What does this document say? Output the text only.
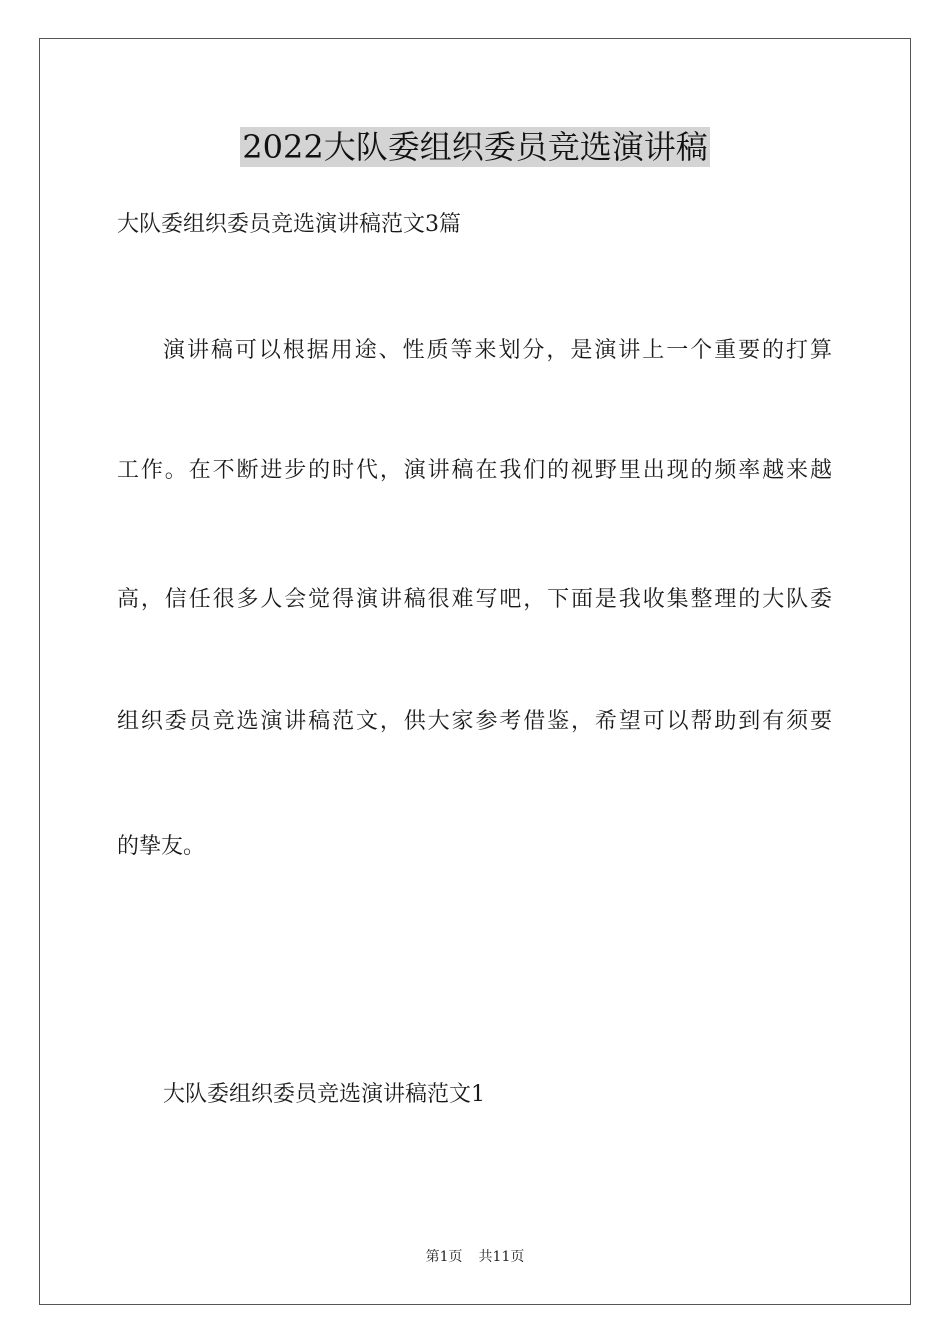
2022大队委组织委员竞选演讲稿
大队委组织委员竞选演讲稿范文3篇
演讲稿可以根据用途、性质等来划分，是演讲上一个重要的打算
工作。在不断进步的时代，演讲稿在我们的视野里出现的频率越来越
高，信任很多人会觉得演讲稿很难写吧，下面是我收集整理的大队委
组织委员竞选演讲稿范文，供大家参考借鉴，希望可以帮助到有须要
的挚友。
大队委组织委员竞选演讲稿范文1
第1页 共11页
